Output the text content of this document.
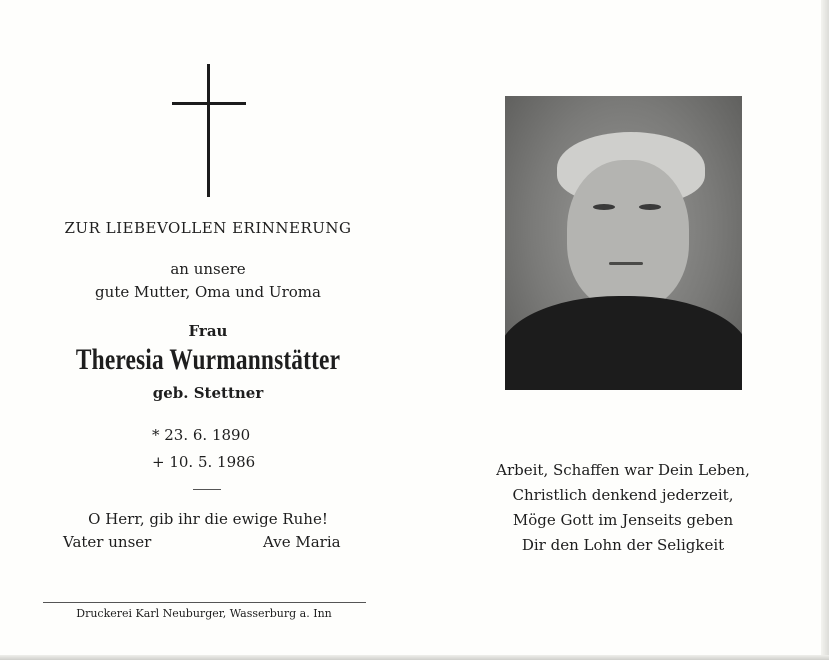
ZUR LIEBEVOLLEN ERINNERUNG
an unsere
gute Mutter, Oma und Uroma
Frau
Theresia Wurmannstätter
geb. Stettner
* 23. 6. 1890
+ 10. 5. 1986
O Herr, gib ihr die ewige Ruhe!
Vater unser	Ave Maria
Druckerei Karl Neuburger, Wasserburg a. Inn
Arbeit, Schaffen war Dein Leben,
Christlich denkend jederzeit,
Möge Gott im Jenseits geben
Dir den Lohn der Seligkeit
